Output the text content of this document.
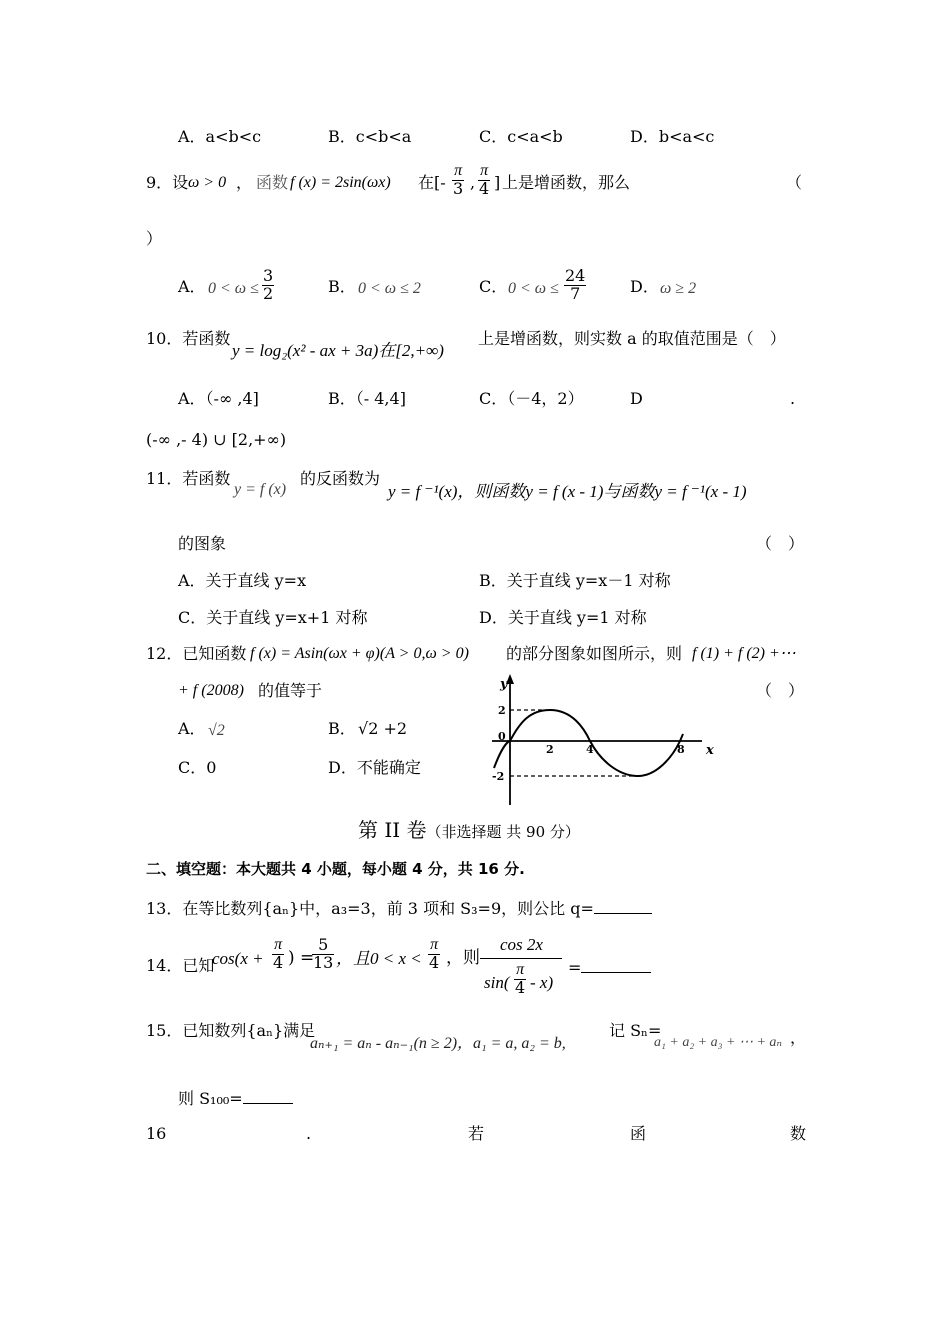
A．a<b<c	B．c<b<a	C．c<a<b	D．b<a<c
9．设 ω > 0 ， 函数 f (x) = 2sin(ωx) 在[- $\frac{\pi}{3}$ , $\frac{\pi}{4}$ ] 上是增函数，那么	（
）
A． $0 < \omega \le \frac{3}{2}$	B． 0 < ω ≤ 2	C． $0 < \omega \le \frac{24}{7}$	D． ω ≥ 2
10．若函数
y = log₂(x² - ax + 3a)在[2,+∞)
上是增函数，则实数 a 的取值范围是（　）
A．（-∞ ,4]	B．（- 4,4]	C．（－4，2）	D	.
(-∞ ,- 4) ∪ [2,+∞)
11．若函数
y = f (x)
的反函数为
y = f ⁻¹(x)，则函数y = f (x - 1)与函数y = f ⁻¹(x - 1)
的图象	（　）
A．关于直线 y=x	B．关于直线 y=x－1 对称
C．关于直线 y=x+1 对称	D．关于直线 y=1 对称
12．已知函数 f (x) = Asin(ωx + φ)(A > 0,ω > 0) 的部分图象如图所示，则 f (1) + f (2) +⋯
+ f (2008) 的值等于	（　）
A． √2	B． √2 +2
C．0	D．不能确定
y
x
2
0
-2
2	4	8
第 II 卷（非选择题 共 90 分）
二、填空题：本大题共 4 小题，每小题 4 分，共 16 分.
13．在等比数列{aₙ}中，a₃=3，前 3 项和 S₃=9，则公比 q=
14．已知
$\cos(x + \frac{\pi}{4}$ ) =
$\frac{5}{13}$ ，且$0 < x < \frac{\pi}{4}$ ，则
cos 2x
$\sin( \frac{\pi}{4} - x)$
=
15．已知数列{aₙ}满足
aₙ₊₁ = aₙ - aₙ₋₁(n ≥ 2)，a₁ = a, a₂ = b,
记 Sₙ=
a₁ + a₂ + a₃ + ⋯ + aₙ ，
则 S₁₀₀=
16	.	若	函	数
